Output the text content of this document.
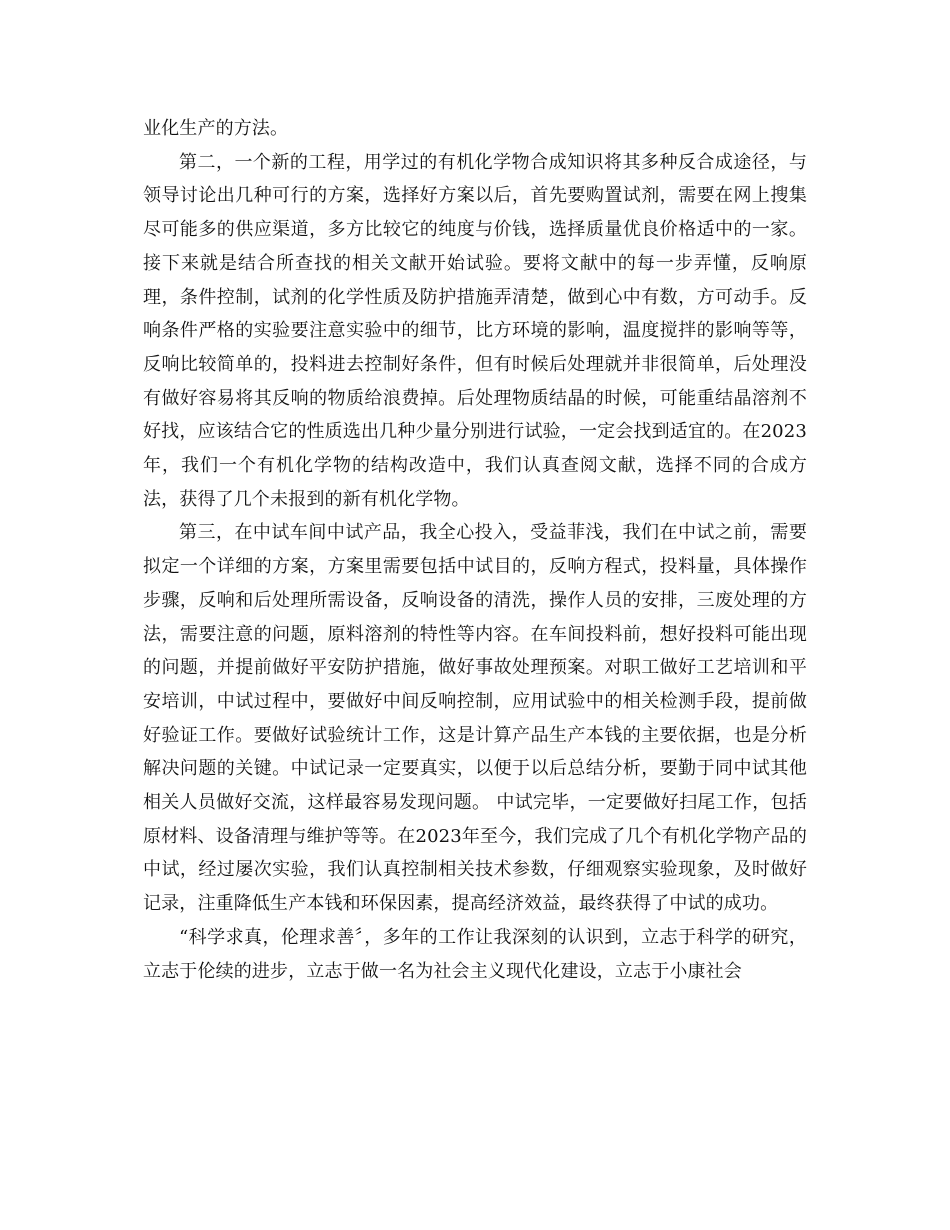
业化生产的方法。

第二，一个新的工程，用学过的有机化学物合成知识将其多种反合成途径，与领导讨论出几种可行的方案，选择好方案以后，首先要购置试剂，需要在网上搜集尽可能多的供应渠道，多方比较它的纯度与价钱，选择质量优良价格适中的一家。接下来就是结合所查找的相关文献开始试验。要将文献中的每一步弄懂，反响原理，条件控制，试剂的化学性质及防护措施弄清楚，做到心中有数，方可动手。反响条件严格的实验要注意实验中的细节，比方环境的影响，温度搅拌的影响等等，反响比较简单的，投料进去控制好条件，但有时候后处理就并非很简单，后处理没有做好容易将其反响的物质给浪费掉。后处理物质结晶的时候，可能重结晶溶剂不好找，应该结合它的性质选出几种少量分别进行试验，一定会找到适宜的。在2023年，我们一个有机化学物的结构改造中，我们认真查阅文献，选择不同的合成方法，获得了几个未报到的新有机化学物。

第三，在中试车间中试产品，我全心投入，受益菲浅，我们在中试之前，需要拟定一个详细的方案，方案里需要包括中试目的，反响方程式，投料量，具体操作步骤，反响和后处理所需设备，反响设备的清洗，操作人员的安排，三废处理的方法，需要注意的问题，原料溶剂的特性等内容。在车间投料前，想好投料可能出现的问题，并提前做好平安防护措施，做好事故处理预案。对职工做好工艺培训和平安培训，中试过程中，要做好中间反响控制，应用试验中的相关检测手段，提前做好验证工作。要做好试验统计工作，这是计算产品生产本钱的主要依据，也是分析解决问题的关键。中试记录一定要真实，以便于以后总结分析，要勤于同中试其他相关人员做好交流，这样最容易发现问题。 中试完毕，一定要做好扫尾工作，包括原材料、设备清理与维护等等。在2023年至今，我们完成了几个有机化学物产品的中试，经过屡次实验，我们认真控制相关技术参数，仔细观察实验现象，及时做好记录，注重降低生产本钱和环保因素，提高经济效益，最终获得了中试的成功。

“科学求真，伦理求善〞，多年的工作让我深刻的认识到，立志于科学的研究，立志于伦续的进步，立志于做一名为社会主义现代化建设，立志于小康社会
